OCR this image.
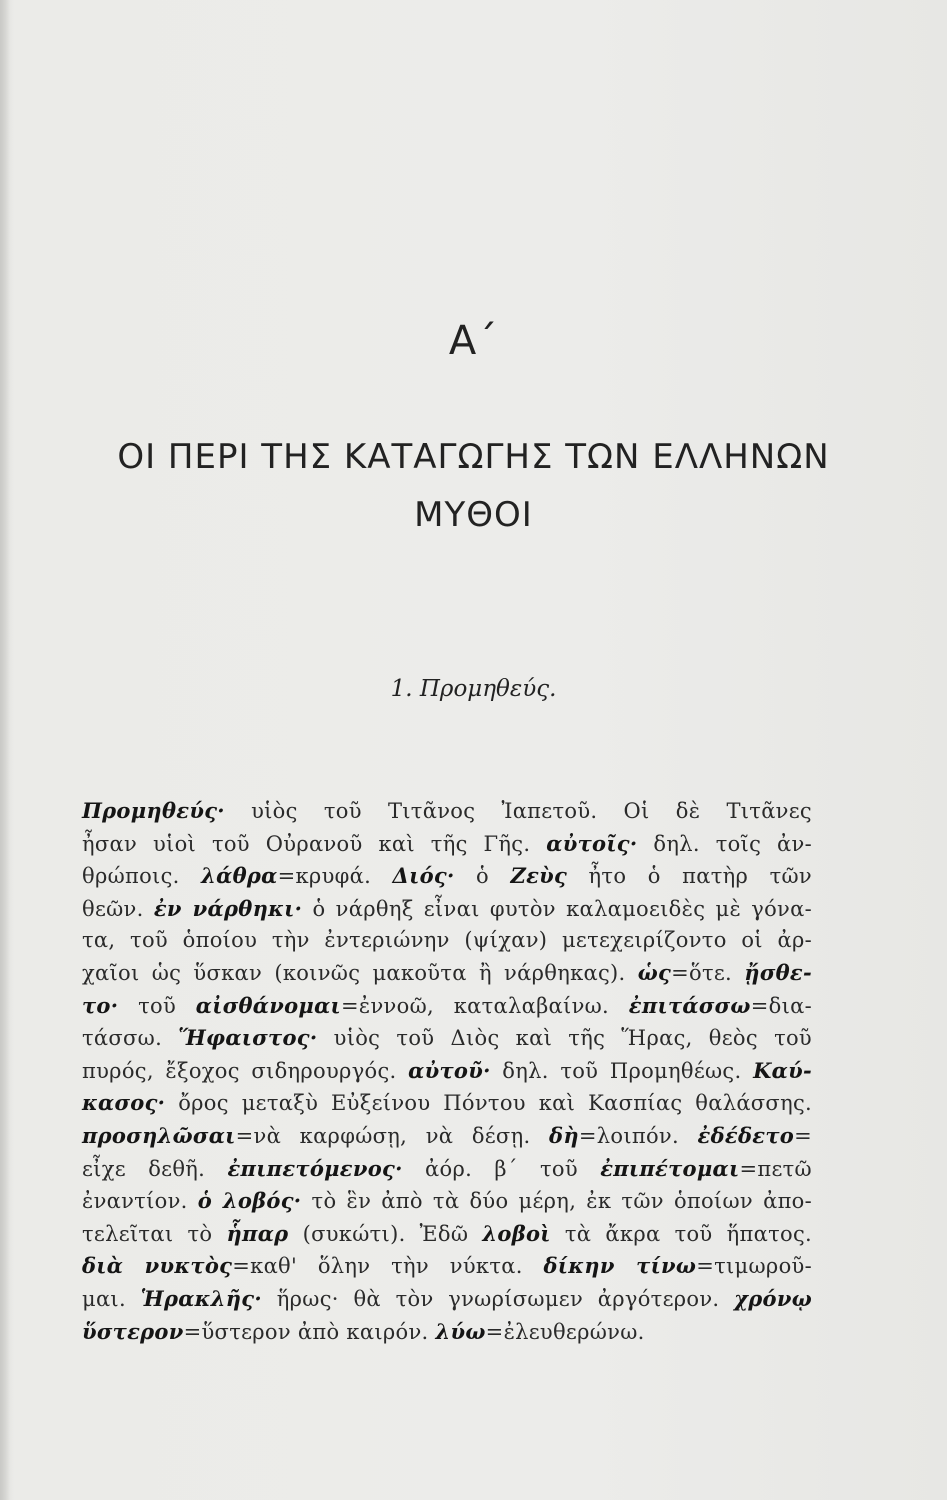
Α΄
ΟΙ ΠΕΡΙ ΤΗΣ ΚΑΤΑΓΩΓΗΣ ΤΩΝ ΕΛΛΗΝΩΝ
ΜΥΘΟΙ
1. Προμηθεύς.
Προμηθεύς· υἱὸς τοῦ Τιτᾶνος Ἰαπετοῦ. Οἱ δὲ Τιτᾶνες
ἦσαν υἱοὶ τοῦ Οὐρανοῦ καὶ τῆς Γῆς. αὐτοῖς· δηλ. τοῖς ἀν-
θρώποις. λάθρα=κρυφά. Διός· ὁ Ζεὺς ἦτο ὁ πατὴρ τῶν
θεῶν. ἐν νάρθηκι· ὁ νάρθηξ εἶναι φυτὸν καλαμοειδὲς μὲ γόνα-
τα, τοῦ ὁποίου τὴν ἐντεριώνην (ψίχαν) μετεχειρίζοντο οἱ ἀρ-
χαῖοι ὡς ὕσκαν (κοινῶς μακοῦτα ἢ νάρθηκας). ὡς=ὅτε. ᾔσθε-
το· τοῦ αἰσθάνομαι=ἐννοῶ, καταλαβαίνω. ἐπιτάσσω=δια-
τάσσω. Ἥφαιστος· υἱὸς τοῦ Διὸς καὶ τῆς Ἥρας, θεὸς τοῦ
πυρός, ἔξοχος σιδηρουργός. αὐτοῦ· δηλ. τοῦ Προμηθέως. Καύ-
κασος· ὄρος μεταξὺ Εὐξείνου Πόντου καὶ Κασπίας θαλάσσης.
προσηλῶσαι=νὰ καρφώσῃ, νὰ δέσῃ. δὴ=λοιπόν. ἐδέδετο=
εἶχε δεθῆ. ἐπιπετόμενος· ἀόρ. β΄ τοῦ ἐπιπέτομαι=πετῶ
ἐναντίον. ὁ λοβός· τὸ ἓν ἀπὸ τὰ δύο μέρη, ἐκ τῶν ὁποίων ἀπο-
τελεῖται τὸ ἧπαρ (συκώτι). Ἐδῶ λοβοὶ τὰ ἄκρα τοῦ ἥπατος.
διὰ νυκτὸς=καθ' ὅλην τὴν νύκτα. δίκην τίνω=τιμωροῦ-
μαι. Ἡρακλῆς· ἥρως· θὰ τὸν γνωρίσωμεν ἀργότερον. χρόνῳ
ὕστερον=ὕστερον ἀπὸ καιρόν. λύω=ἐλευθερώνω.
